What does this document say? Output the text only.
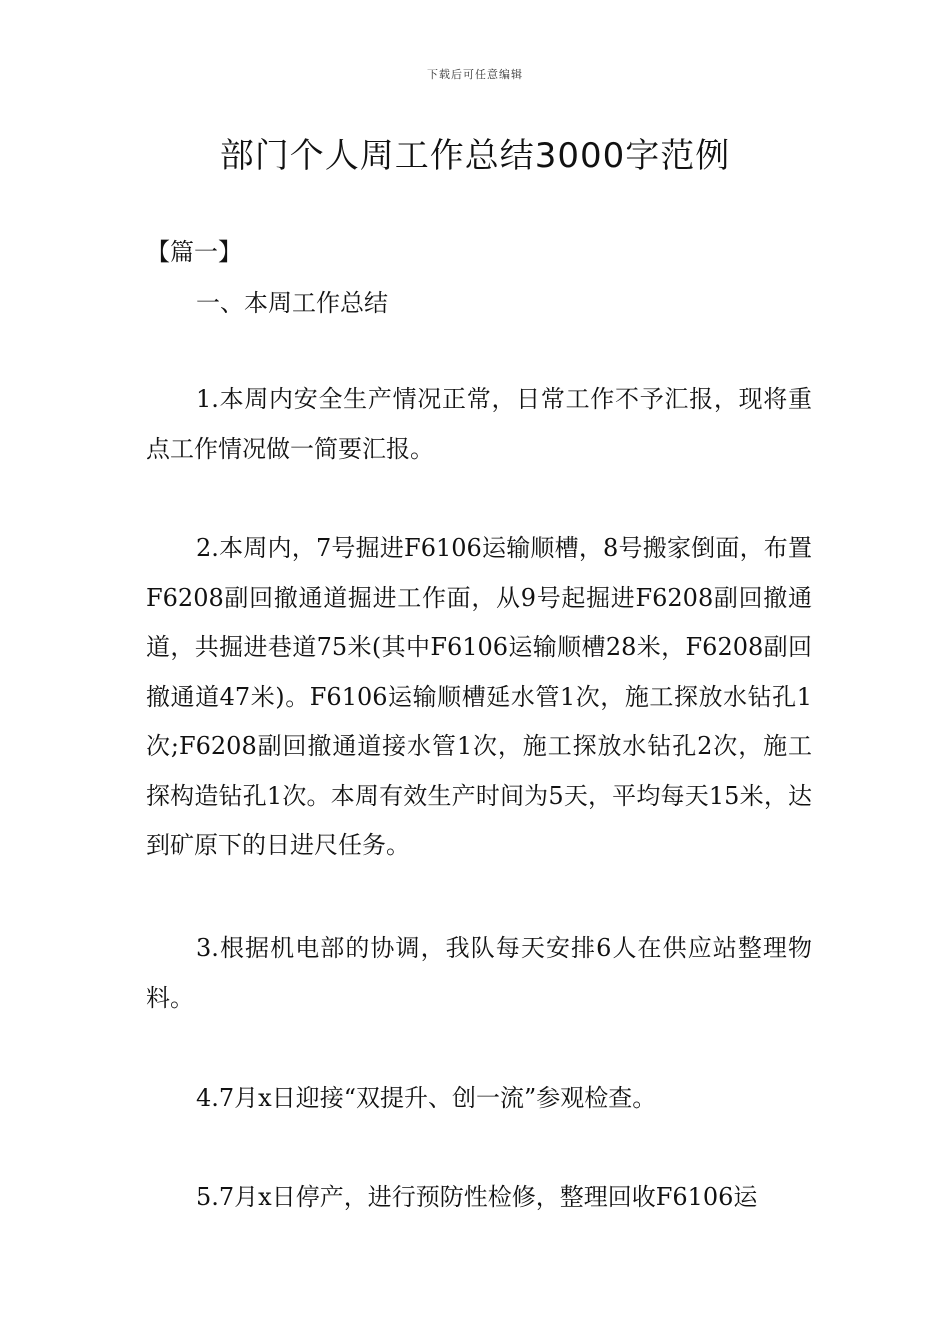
下载后可任意编辑
部门个人周工作总结3000字范例
【篇一】
一、本周工作总结

1.本周内安全生产情况正常，日常工作不予汇报，现将重点工作情况做一简要汇报。

2.本周内，7号掘进F6106运输顺槽，8号搬家倒面，布置F6208副回撤通道掘进工作面，从9号起掘进F6208副回撤通道，共掘进巷道75米(其中F6106运输顺槽28米，F6208副回撤通道47米)。F6106运输顺槽延水管1次，施工探放水钻孔1次;F6208副回撤通道接水管1次，施工探放水钻孔2次，施工探构造钻孔1次。本周有效生产时间为5天，平均每天15米，达到矿原下的日进尺任务。

3.根据机电部的协调，我队每天安排6人在供应站整理物料。

4.7月x日迎接“双提升、创一流”参观检查。

5.7月x日停产，进行预防性检修，整理回收F6106运
